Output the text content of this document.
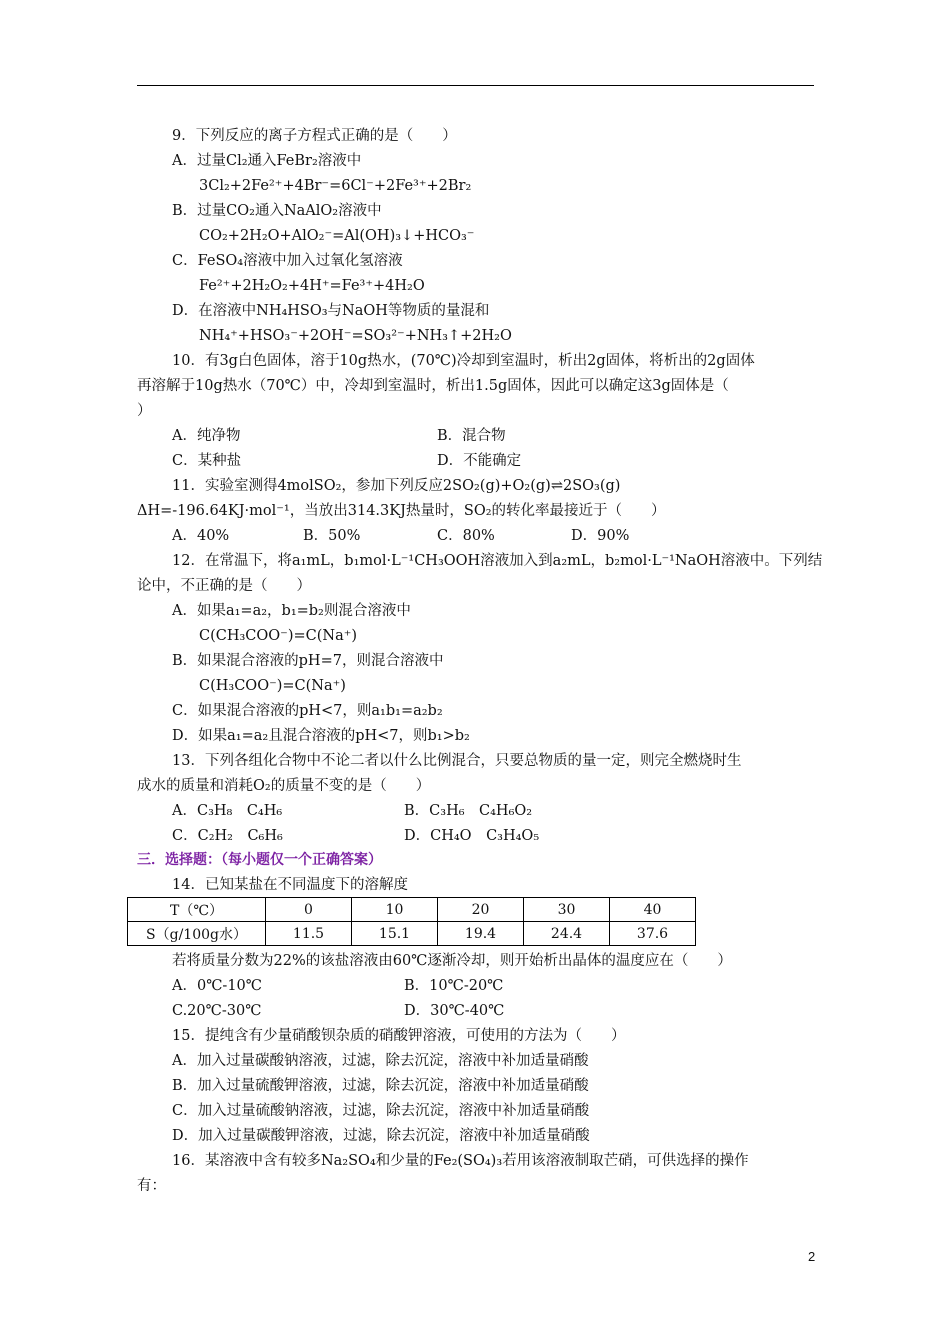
9．下列反应的离子方程式正确的是（　　）
A．过量Cl₂通入FeBr₂溶液中
3Cl₂+2Fe²⁺+4Br⁻=6Cl⁻+2Fe³⁺+2Br₂
B．过量CO₂通入NaAlO₂溶液中
CO₂+2H₂O+AlO₂⁻=Al(OH)₃↓+HCO₃⁻
C．FeSO₄溶液中加入过氧化氢溶液
Fe²⁺+2H₂O₂+4H⁺=Fe³⁺+4H₂O
D．在溶液中NH₄HSO₃与NaOH等物质的量混和
NH₄⁺+HSO₃⁻+2OH⁻=SO₃²⁻+NH₃↑+2H₂O
10．有3g白色固体，溶于10g热水，(70℃)冷却到室温时，析出2g固体，将析出的2g固体
再溶解于10g热水（70℃）中，冷却到室温时，析出1.5g固体，因此可以确定这3g固体是（
）
A．纯净物	B．混合物
C．某种盐	D．不能确定
11．实验室测得4molSO₂，参加下列反应2SO₂(g)+O₂(g)⇌2SO₃(g)
ΔH=-196.64KJ·mol⁻¹，当放出314.3KJ热量时，SO₂的转化率最接近于（　　）
A．40%	B．50%	C．80%	D．90%
12．在常温下，将a₁mL，b₁mol·L⁻¹CH₃OOH溶液加入到a₂mL，b₂mol·L⁻¹NaOH溶液中。下列结
论中，不正确的是（　　）
A．如果a₁=a₂，b₁=b₂则混合溶液中
C(CH₃COO⁻)=C(Na⁺)
B．如果混合溶液的pH=7，则混合溶液中
C(H₃COO⁻)=C(Na⁺)
C．如果混合溶液的pH<7，则a₁b₁=a₂b₂
D．如果a₁=a₂且混合溶液的pH<7，则b₁>b₂
13．下列各组化合物中不论二者以什么比例混合，只要总物质的量一定，则完全燃烧时生
成水的质量和消耗O₂的质量不变的是（　　）
A．C₃H₈　C₄H₆	B．C₃H₆　C₄H₆O₂
C．C₂H₂　C₆H₆	D．CH₄O　C₃H₄O₅
三．选择题：（每小题仅一个正确答案）
14．已知某盐在不同温度下的溶解度
T（℃）	0	10	20	30	40
S（g/100g水）	11.5	15.1	19.4	24.4	37.6
若将质量分数为22%的该盐溶液由60℃逐渐冷却，则开始析出晶体的温度应在（　　）
A．0℃-10℃	B．10℃-20℃
C.20℃-30℃	D．30℃-40℃
15．提纯含有少量硝酸钡杂质的硝酸钾溶液，可使用的方法为（　　）
A．加入过量碳酸钠溶液，过滤，除去沉淀，溶液中补加适量硝酸
B．加入过量硫酸钾溶液，过滤，除去沉淀，溶液中补加适量硝酸
C．加入过量硫酸钠溶液，过滤，除去沉淀，溶液中补加适量硝酸
D．加入过量碳酸钾溶液，过滤，除去沉淀，溶液中补加适量硝酸
16．某溶液中含有较多Na₂SO₄和少量的Fe₂(SO₄)₃若用该溶液制取芒硝，可供选择的操作
有：
2
